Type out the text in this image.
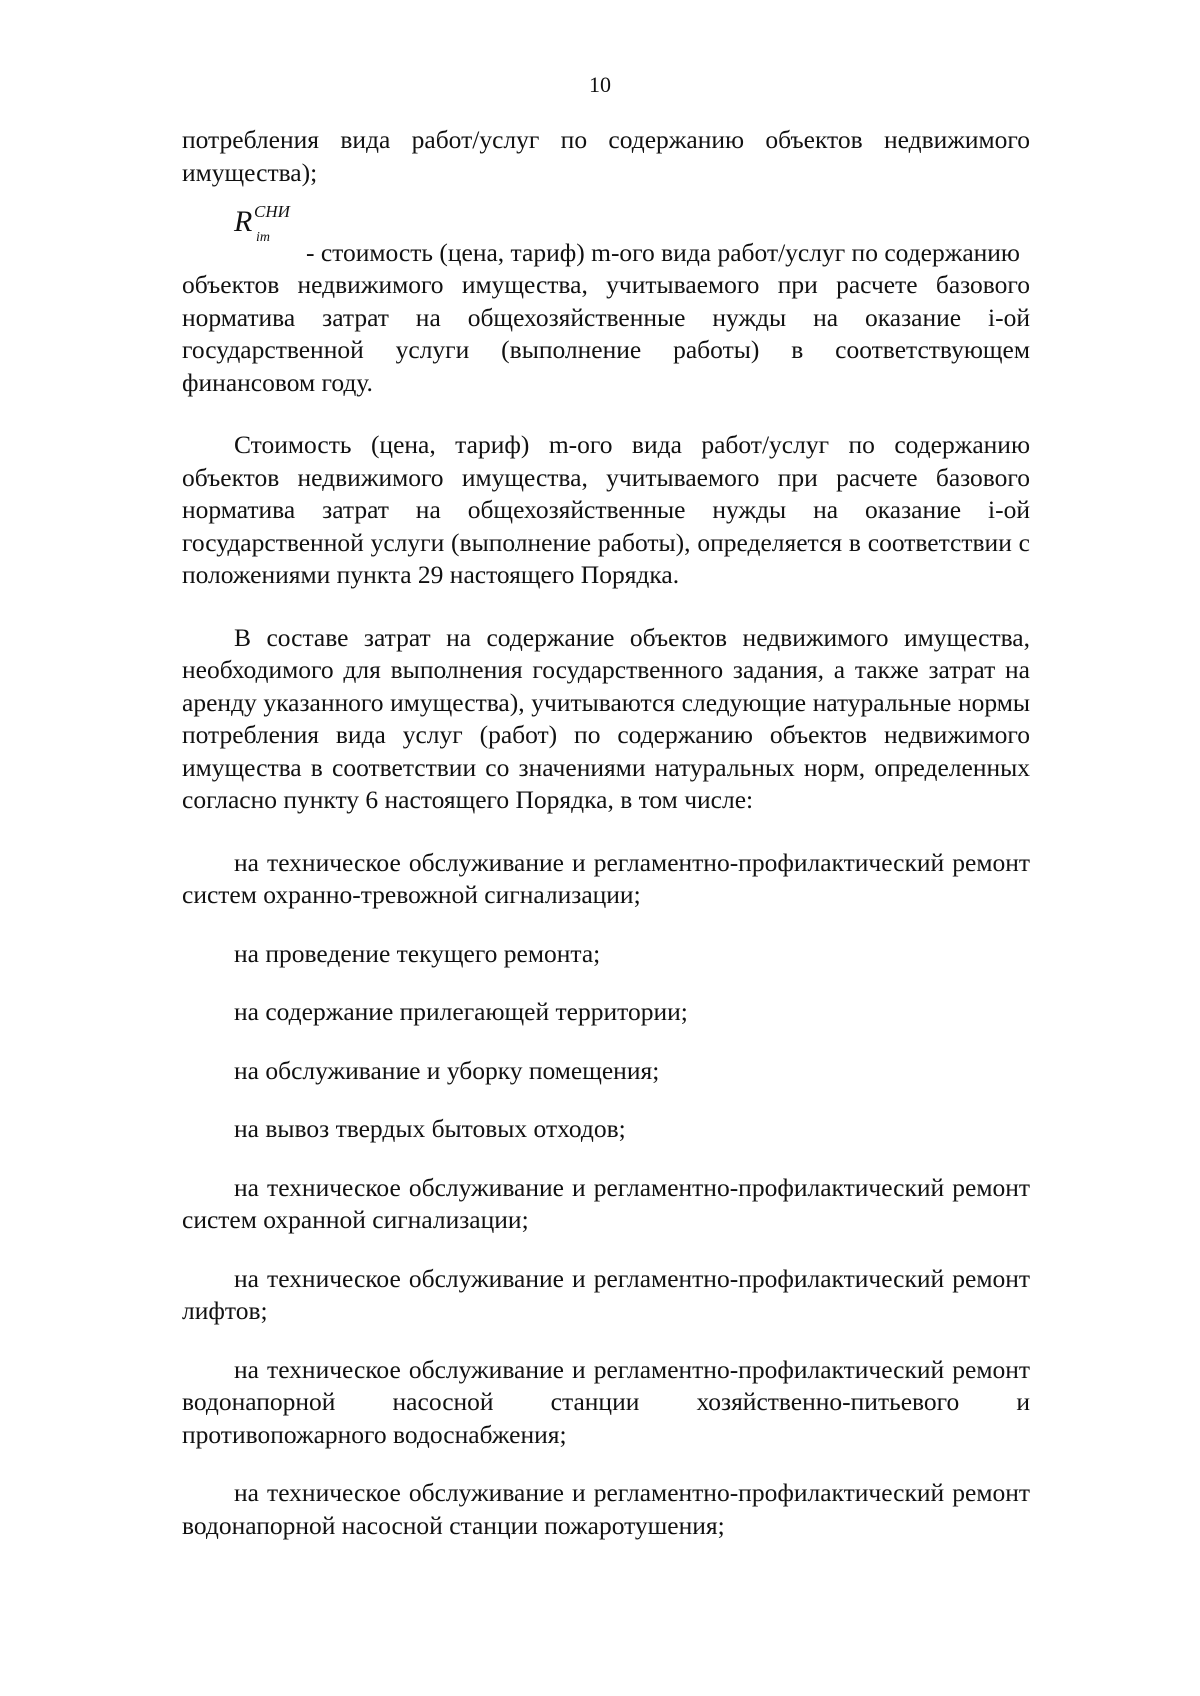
10

потребления вида работ/услуг по содержанию объектов недвижимого имущества);

R СНИ
im
- стоимость (цена, тариф) m-ого вида работ/услуг по содержанию

объектов недвижимого имущества, учитываемого при расчете базового норматива затрат на общехозяйственные нужды на оказание i-ой государственной услуги (выполнение работы) в соответствующем финансовом году.

Стоимость (цена, тариф) m-ого вида работ/услуг по содержанию объектов недвижимого имущества, учитываемого при расчете базового норматива затрат на общехозяйственные нужды на оказание i-ой государственной услуги (выполнение работы), определяется в соответствии с положениями пункта 29 настоящего Порядка.

В составе затрат на содержание объектов недвижимого имущества, необходимого для выполнения государственного задания, а также затрат на аренду указанного имущества), учитываются следующие натуральные нормы потребления вида услуг (работ) по содержанию объектов недвижимого имущества в соответствии со значениями натуральных норм, определенных согласно пункту 6 настоящего Порядка, в том числе:

на техническое обслуживание и регламентно-профилактический ремонт систем охранно-тревожной сигнализации;

на проведение текущего ремонта;

на содержание прилегающей территории;

на обслуживание и уборку помещения;

на вывоз твердых бытовых отходов;

на техническое обслуживание и регламентно-профилактический ремонт систем охранной сигнализации;

на техническое обслуживание и регламентно-профилактический ремонт лифтов;

на техническое обслуживание и регламентно-профилактический ремонт водонапорной насосной станции хозяйственно-питьевого и противопожарного водоснабжения;

на техническое обслуживание и регламентно-профилактический ремонт водонапорной насосной станции пожаротушения;
